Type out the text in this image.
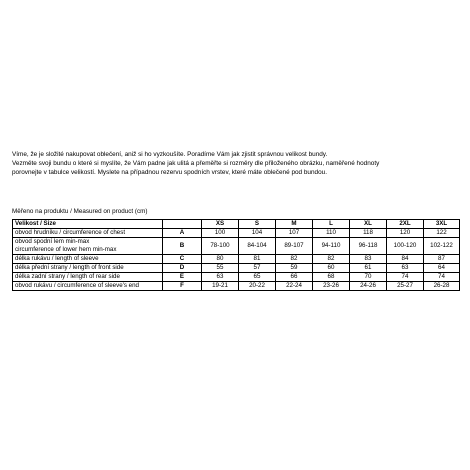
Víme, že je složité nakupovat oblečení, aniž si ho vyzkoušíte. Poradíme Vám jak zjistit správnou velikost bundy.

Vezměte svoji bundu o které si myslíte, že Vám padne jak ulitá a přeměřte si rozměry dle přiloženého obrázku, naměřené hodnoty

porovnejte v tabulce velikostí. Myslete na případnou rezervu spodních vrstev, které máte oblečené pod bundou.

Měřeno na produktu / Measured on product (cm)
Velikost / Size		XS	S	M	L	XL	2XL	3XL
obvod hrudníku / circumference of chest	A	100	104	107	110	118	120	122

obvod spodní lem min-max
circumference of lower hem min-max	B	78-100	84-104	89-107	94-110	96-118	100-120	102-122
délka rukávu / length of sleeve	C	80	81	82	82	83	84	87
délka přední strany / length of front side	D	55	57	59	60	61	63	64
délka zadní strany / length of rear side	E	63	65	66	68	70	74	74
obvod rukávu / circumference of sleeve's end	F	19-21	20-22	22-24	23-26	24-26	25-27	26-28
